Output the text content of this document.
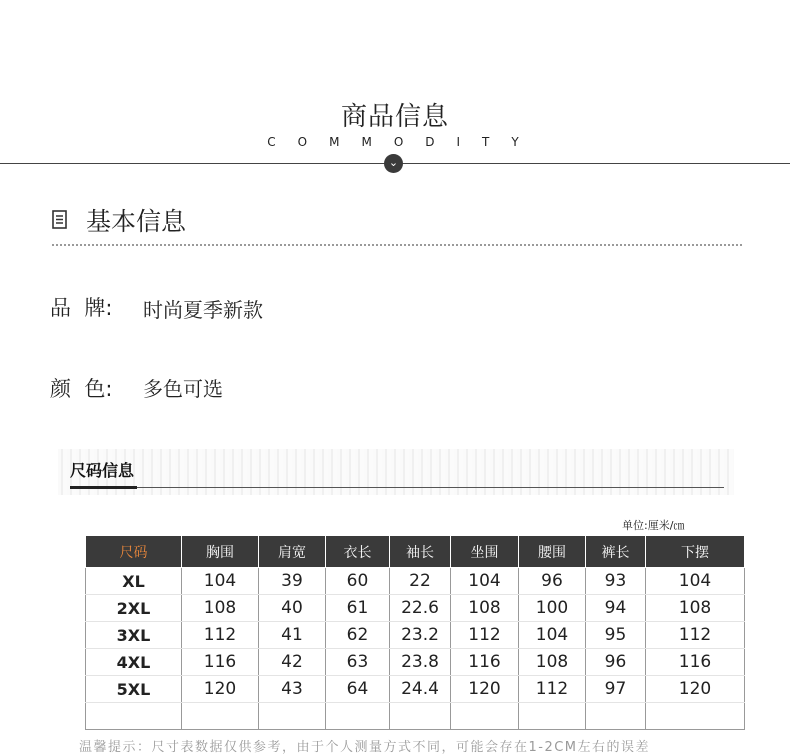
商品信息
COMMODITY
⌄
基本信息
品  牌: 时尚夏季新款
颜  色: 多色可选
尺码信息
单位:厘米/㎝
尺码	胸围	肩宽	衣长	袖长	坐围	腰围	裤长	下摆
XL	104	39	60	22	104	96	93	104
2XL	108	40	61	22.6	108	100	94	108
3XL	112	41	62	23.2	112	104	95	112
4XL	116	42	63	23.8	116	108	96	116
5XL	120	43	64	24.4	120	112	97	120

温馨提示：尺寸表数据仅供参考，由于个人测量方式不同，可能会存在1-2CM左右的误差
